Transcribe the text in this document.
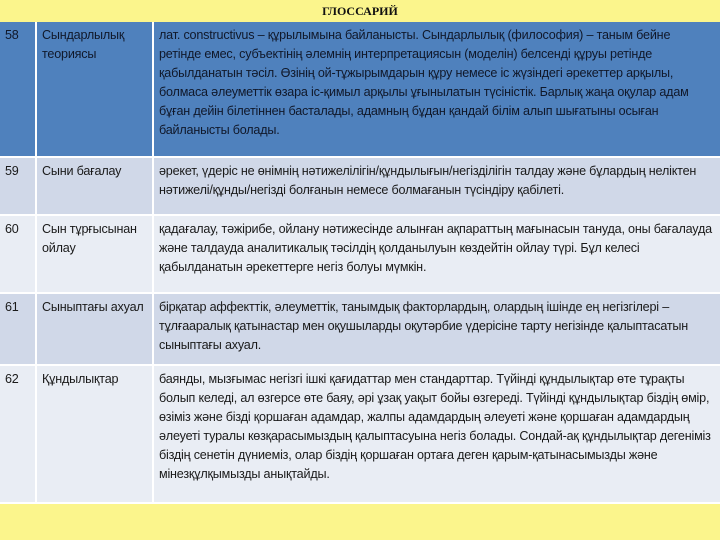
ГЛОССАРИЙ
58	Сындарлылық теориясы	лат. constructivus – құрылымына байланысты. Сындарлылық (философия) – таным бейне ретінде емес, субъектінің әлемнің интерпретациясын (моделін) белсенді құруы ретінде қабылданатын тәсіл. Өзінің ой-тұжырымдарын құру немесе іс жүзіндегі әрекеттер арқылы, болмаса әлеуметтік өзара іс-қимыл арқылы ұғынылатын түсіністік. Барлық жаңа оқулар адам бұған дейін білетіннен басталады, адамның бұдан қандай білім алып шығатыны осыған байланысты болады.
59	Сыни бағалау	әрекет, үдеріс не өнімнің нәтижелілігін/құндылығын/негізділігін талдау және бұлардың неліктен нәтижелі/құнды/негізді болғанын немесе болмағанын түсіндіру қабілеті.
60	Сын тұрғысынан ойлау	қадағалау, тәжірибе, ойлану нәтижесінде алынған ақпараттың мағынасын тануда, оны бағалауда және талдауда аналитикалық тәсілдің қолданылуын көздейтін ойлау түрі. Бұл келесі қабылданатын әрекеттерге негіз болуы мүмкін.
61	Сыныптағы ахуал	бірқатар аффекттік, әлеуметтік, танымдық факторлардың, олардың ішінде ең негізгілері – тұлғааралық қатынастар мен оқушыларды оқутәрбие үдерісіне тарту негізінде қалыптасатын сыныптағы ахуал.
62	Құндылықтар	баянды, мызғымас негізгі ішкі қағидаттар мен стандарттар. Түйінді құндылықтар өте тұрақты болып келеді, ал өзгерсе өте баяу, әрі ұзақ уақыт бойы өзгереді. Түйінді құндылықтар біздің өмір, өзіміз және бізді қоршаған адамдар, жалпы адамдардың әлеуеті және қоршаған адамдардың әлеуеті туралы көзқарасымыздың қалыптасуына негіз болады. Сондай-ақ құндылықтар дегеніміз біздің сенетін дүниеміз, олар біздің қоршаған ортаға деген қарым-қатынасымызды және мінезқұлқымызды анықтайды.
